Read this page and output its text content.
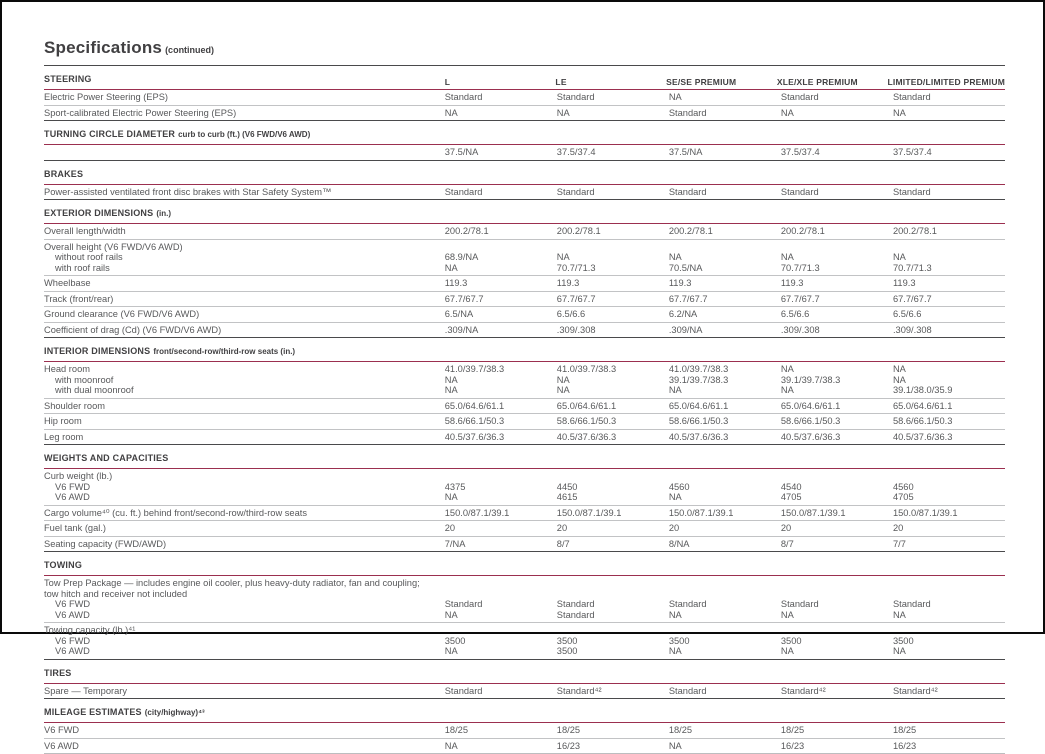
Specifications (continued)
STEERING	L	LE	SE/SE PREMIUM	XLE/XLE PREMIUM	LIMITED/LIMITED PREMIUM
Electric Power Steering (EPS)	Standard	Standard	NA	Standard	Standard
Sport-calibrated Electric Power Steering (EPS)	NA	NA	Standard	NA	NA
TURNING CIRCLE DIAMETER curb to curb (ft.) (V6 FWD/V6 AWD)
37.5/NA	37.5/37.4	37.5/NA	37.5/37.4	37.5/37.4
BRAKES
Power-assisted ventilated front disc brakes with Star Safety System™	Standard	Standard	Standard	Standard	Standard
EXTERIOR DIMENSIONS (in.)
Overall length/width	200.2/78.1	200.2/78.1	200.2/78.1	200.2/78.1	200.2/78.1
Overall height (V6 FWD/V6 AWD)
without roof rails	68.9/NA	NA	NA	NA	NA
with roof rails	NA	70.7/71.3	70.5/NA	70.7/71.3	70.7/71.3
Wheelbase	119.3	119.3	119.3	119.3	119.3
Track (front/rear)	67.7/67.7	67.7/67.7	67.7/67.7	67.7/67.7	67.7/67.7
Ground clearance (V6 FWD/V6 AWD)	6.5/NA	6.5/6.6	6.2/NA	6.5/6.6	6.5/6.6
Coefficient of drag (Cd) (V6 FWD/V6 AWD)	.309/NA	.309/.308	.309/NA	.309/.308	.309/.308
INTERIOR DIMENSIONS front/second-row/third-row seats (in.)
Head room	41.0/39.7/38.3	41.0/39.7/38.3	41.0/39.7/38.3	NA	NA
with moonroof	NA	NA	39.1/39.7/38.3	39.1/39.7/38.3	NA
with dual moonroof	NA	NA	NA	NA	39.1/38.0/35.9
Shoulder room	65.0/64.6/61.1	65.0/64.6/61.1	65.0/64.6/61.1	65.0/64.6/61.1	65.0/64.6/61.1
Hip room	58.6/66.1/50.3	58.6/66.1/50.3	58.6/66.1/50.3	58.6/66.1/50.3	58.6/66.1/50.3
Leg room	40.5/37.6/36.3	40.5/37.6/36.3	40.5/37.6/36.3	40.5/37.6/36.3	40.5/37.6/36.3
WEIGHTS AND CAPACITIES
Curb weight (lb.)
V6 FWD	4375	4450	4560	4540	4560
V6 AWD	NA	4615	NA	4705	4705
Cargo volume⁴⁰ (cu. ft.) behind front/second-row/third-row seats	150.0/87.1/39.1	150.0/87.1/39.1	150.0/87.1/39.1	150.0/87.1/39.1	150.0/87.1/39.1
Fuel tank (gal.)	20	20	20	20	20
Seating capacity (FWD/AWD)	7/NA	8/7	8/NA	8/7	7/7
TOWING
Tow Prep Package — includes engine oil cooler, plus heavy-duty radiator, fan and coupling;
tow hitch and receiver not included
V6 FWD	Standard	Standard	Standard	Standard	Standard
V6 AWD	NA	Standard	NA	NA	NA
Towing capacity (lb.)⁴¹
V6 FWD	3500	3500	3500	3500	3500
V6 AWD	NA	3500	NA	NA	NA
TIRES
Spare — Temporary	Standard	Standard⁴²	Standard	Standard⁴²	Standard⁴²
MILEAGE ESTIMATES (city/highway)⁴³
V6 FWD	18/25	18/25	18/25	18/25	18/25
V6 AWD	NA	16/23	NA	16/23	16/23
